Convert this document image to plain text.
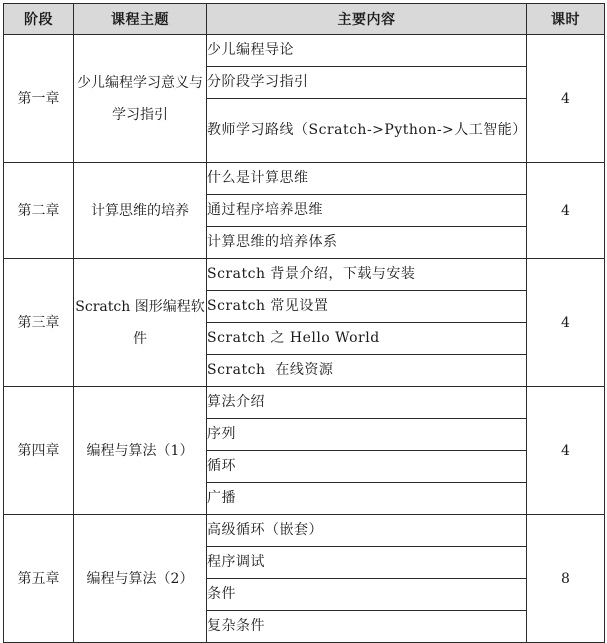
阶段	课程主题	主要内容	课时
第一章	少儿编程学习意义与学习指引	少儿编程导论	4
		分阶段学习指引	
		教师学习路线（Scratch->Python->人工智能）	
第二章	计算思维的培养	什么是计算思维	4
		通过程序培养思维	
		计算思维的培养体系	
第三章	Scratch 图形编程软件	Scratch 背景介绍，下载与安装	4
		Scratch 常见设置	
		Scratch 之 Hello World	
		Scratch  在线资源	
第四章	编程与算法（1）	算法介绍	4
		序列	
		循环	
		广播	
第五章	编程与算法（2）	高级循环（嵌套）	8
		程序调试	
		条件	
		复杂条件	
